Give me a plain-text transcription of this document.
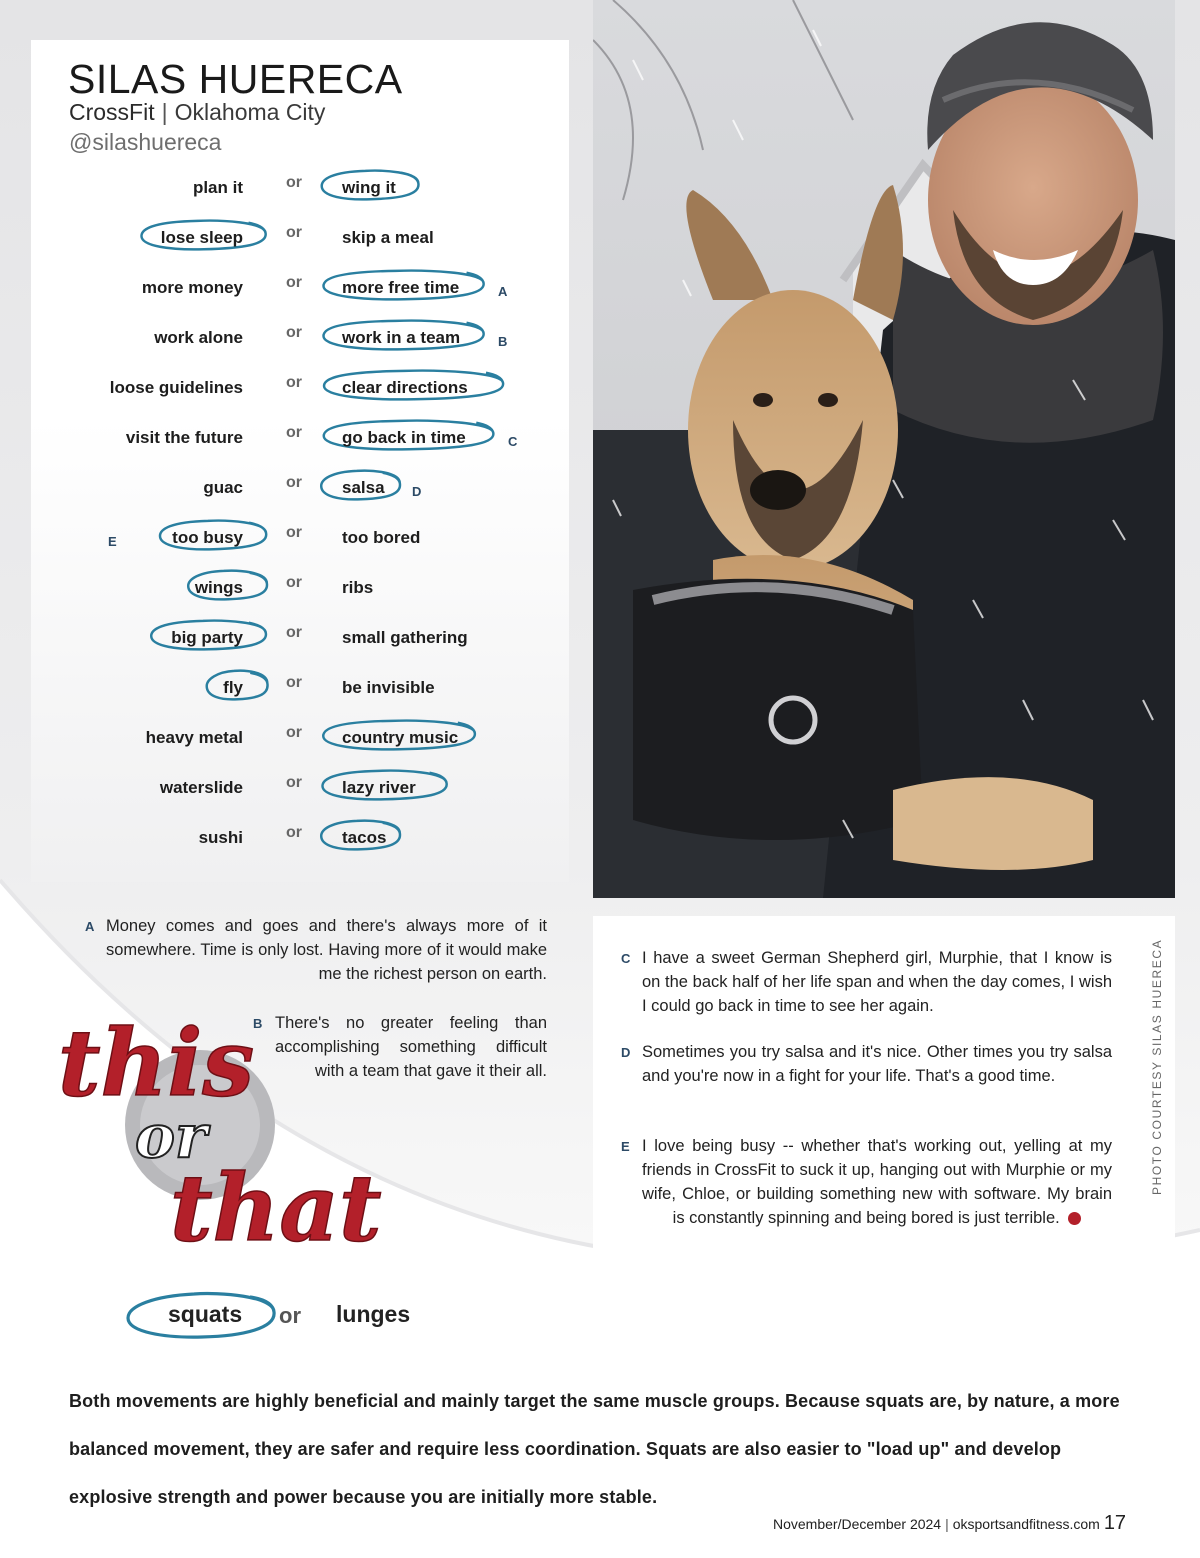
SILAS HUERECA
CrossFit | Oklahoma City
@silashuereca
plan it	or wing it
lose sleep	or skip a meal
more money	or more free time	A
work alone	or work in a team	B
loose guidelines	or clear directions
visit the future	or go back in time	C
guac	or salsa D
too busy	or too bored
E
wings	or ribs
big party	or small gathering
fly	or be invisible
heavy metal	or country music
waterslide	or lazy river
sushi	or tacos
A Money comes and goes and there's always more of it somewhere. Time is only lost. Having more of it would make me the richest person on earth.
B There's no greater feeling than accomplishing something difficult with a team that gave it their all.
C I have a sweet German Shepherd girl, Murphie, that I know is on the back half of her life span and when the day comes, I wish I could go back in time to see her again.
D Sometimes you try salsa and it's nice. Other times you try salsa and you're now in a fight for your life. That's a good time.
E I love being busy -- whether that's working out, yelling at my friends in CrossFit to suck it up, hanging out with Murphie or my wife, Chloe, or building something new with software. My brain is constantly spinning and being bored is just terrible.
PHOTO COURTESY SILAS HUERECA
this
or
that
squats or lunges
Both movements are highly beneficial and mainly target the same muscle groups. Because squats are, by nature, a more balanced movement, they are safer and require less coordination. Squats are also easier to "load up" and develop explosive strength and power because you are initially more stable.
November/December 2024 | oksportsandfitness.com 17
